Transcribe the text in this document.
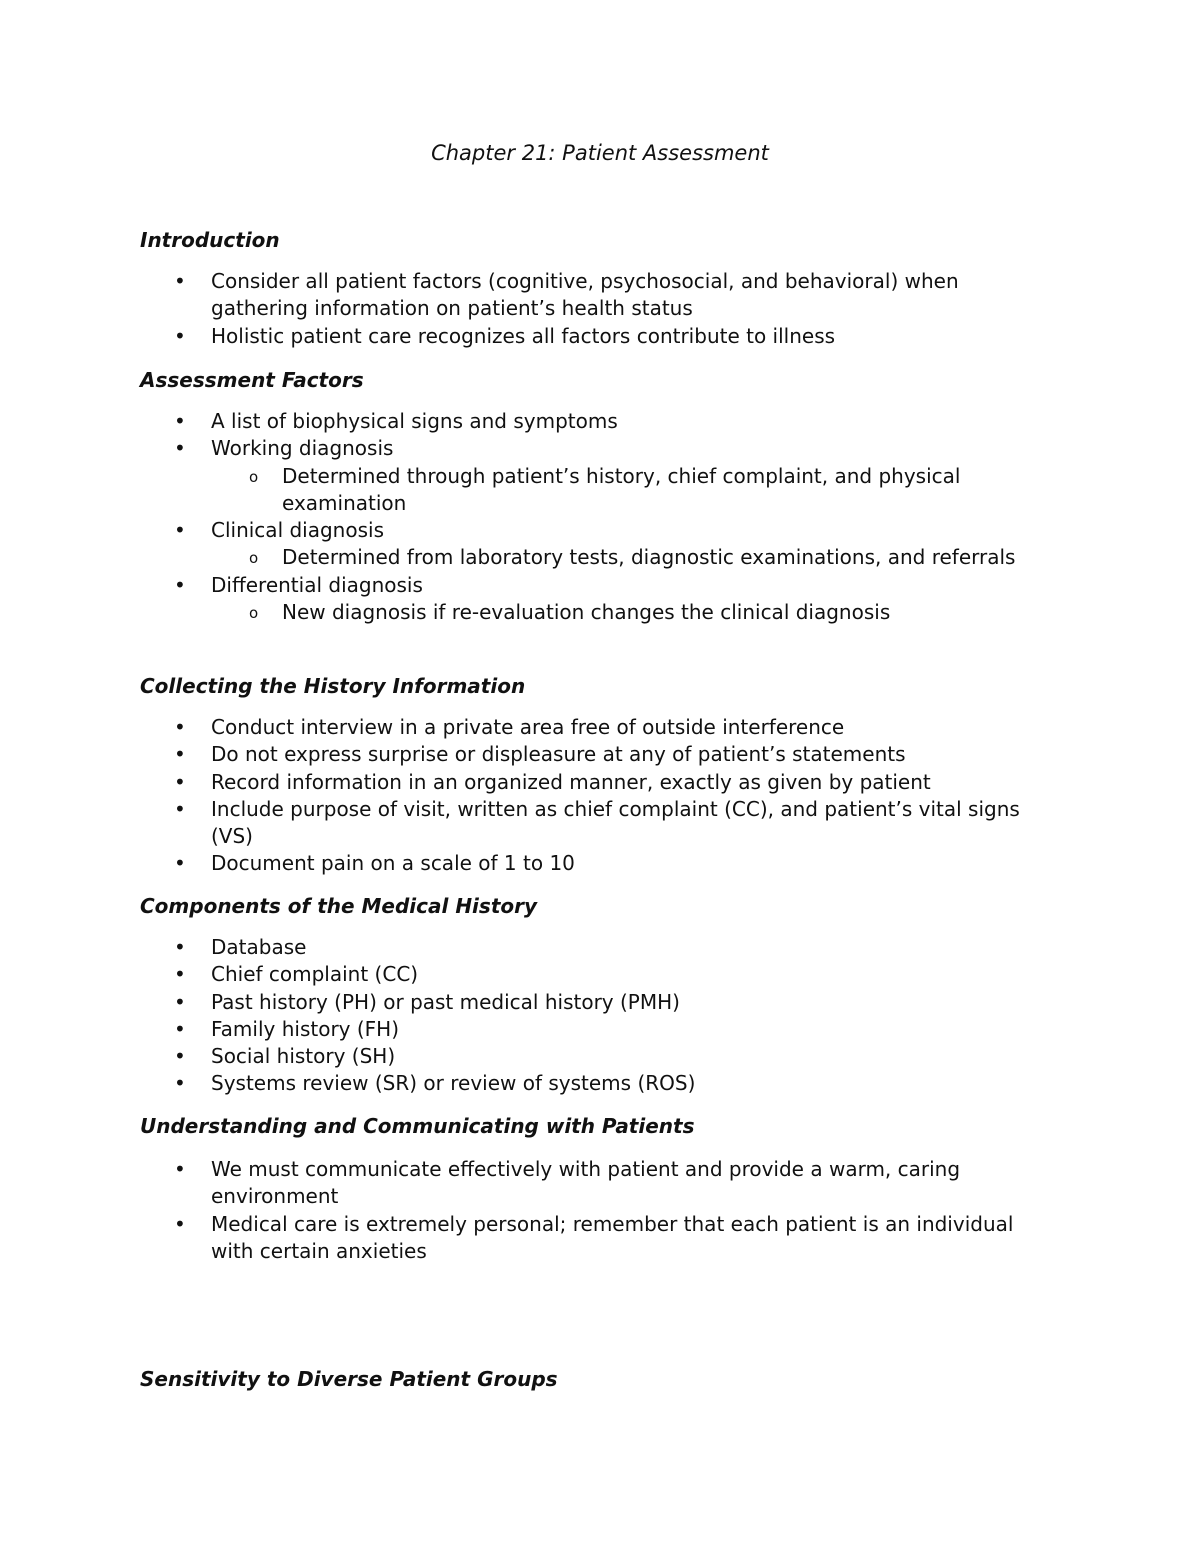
Chapter 21: Patient Assessment
Introduction
• Consider all patient factors (cognitive, psychosocial, and behavioral) when gathering information on patient’s health status
• Holistic patient care recognizes all factors contribute to illness
Assessment Factors
• A list of biophysical signs and symptoms
• Working diagnosis
o Determined through patient’s history, chief complaint, and physical examination
• Clinical diagnosis
o Determined from laboratory tests, diagnostic examinations, and referrals
• Differential diagnosis
o New diagnosis if re-evaluation changes the clinical diagnosis
Collecting the History Information
• Conduct interview in a private area free of outside interference
• Do not express surprise or displeasure at any of patient’s statements
• Record information in an organized manner, exactly as given by patient
• Include purpose of visit, written as chief complaint (CC), and patient’s vital signs (VS)
• Document pain on a scale of 1 to 10
Components of the Medical History
• Database
• Chief complaint (CC)
• Past history (PH) or past medical history (PMH)
• Family history (FH)
• Social history (SH)
• Systems review (SR) or review of systems (ROS)
Understanding and Communicating with Patients
• We must communicate effectively with patient and provide a warm, caring environment
• Medical care is extremely personal; remember that each patient is an individual with certain anxieties
Sensitivity to Diverse Patient Groups
